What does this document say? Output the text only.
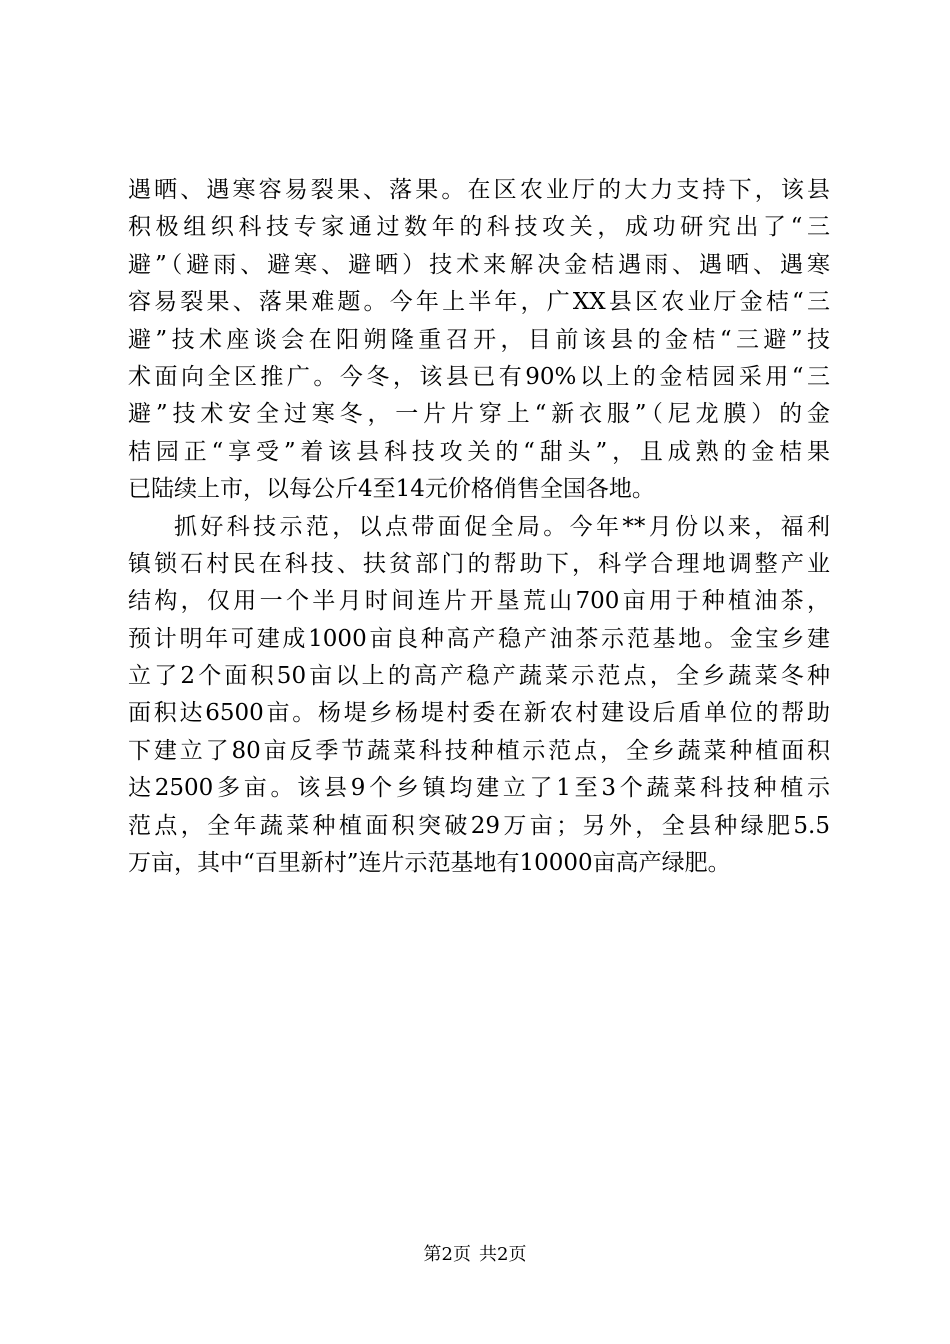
遇晒、遇寒容易裂果、落果。在区农业厅的大力支持下，该县
积极组织科技专家通过数年的科技攻关，成功研究出了“三
避”（避雨、避寒、避晒）技术来解决金桔遇雨、遇晒、遇寒
容易裂果、落果难题。今年上半年，广XX县区农业厅金桔“三
避”技术座谈会在阳朔隆重召开，目前该县的金桔“三避”技
术面向全区推广。今冬，该县已有90%以上的金桔园采用“三
避”技术安全过寒冬，一片片穿上“新衣服”（尼龙膜）的金
桔园正“享受”着该县科技攻关的“甜头”，且成熟的金桔果
已陆续上市，以每公斤4至14元价格俏售全国各地。
抓好科技示范，以点带面促全局。今年**月份以来，福利
镇锁石村民在科技、扶贫部门的帮助下，科学合理地调整产业
结构，仅用一个半月时间连片开垦荒山700亩用于种植油茶，
预计明年可建成1000亩良种高产稳产油茶示范基地。金宝乡建
立了2个面积50亩以上的高产稳产蔬菜示范点，全乡蔬菜冬种
面积达6500亩。杨堤乡杨堤村委在新农村建设后盾单位的帮助
下建立了80亩反季节蔬菜科技种植示范点，全乡蔬菜种植面积
达2500多亩。该县9个乡镇均建立了1至3个蔬菜科技种植示
范点，全年蔬菜种植面积突破29万亩；另外，全县种绿肥5.5
万亩，其中“百里新村”连片示范基地有10000亩高产绿肥。
第2页 共2页
